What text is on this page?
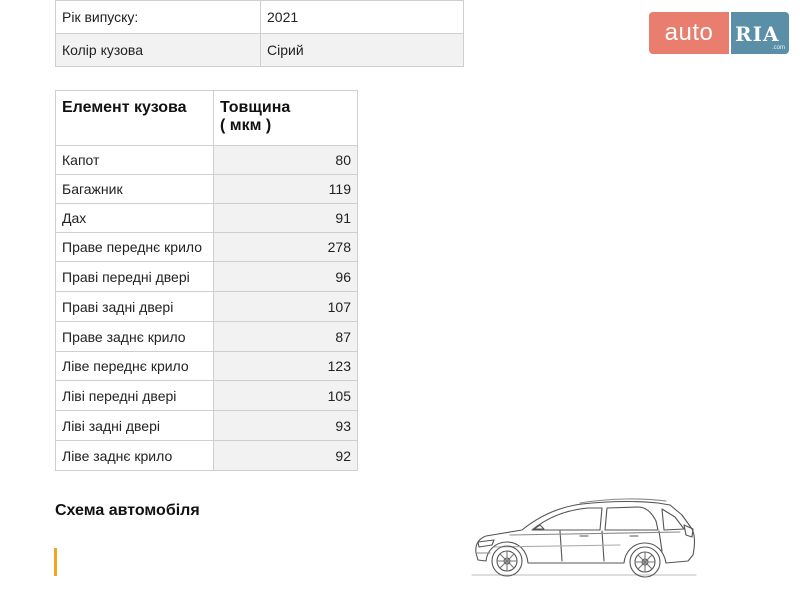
Рік випуску:	2021
Колір кузова	Сірий
auto	RIA
.com
Елемент кузова	Товщина
( мкм )
Капот	80
Багажник	119
Дах	91
Праве переднє крило	278
Праві передні двері	96
Праві задні двері	107
Праве заднє крило	87
Ліве переднє крило	123
Ліві передні двері	105
Ліві задні двері	93
Ліве заднє крило	92
Схема автомобіля
